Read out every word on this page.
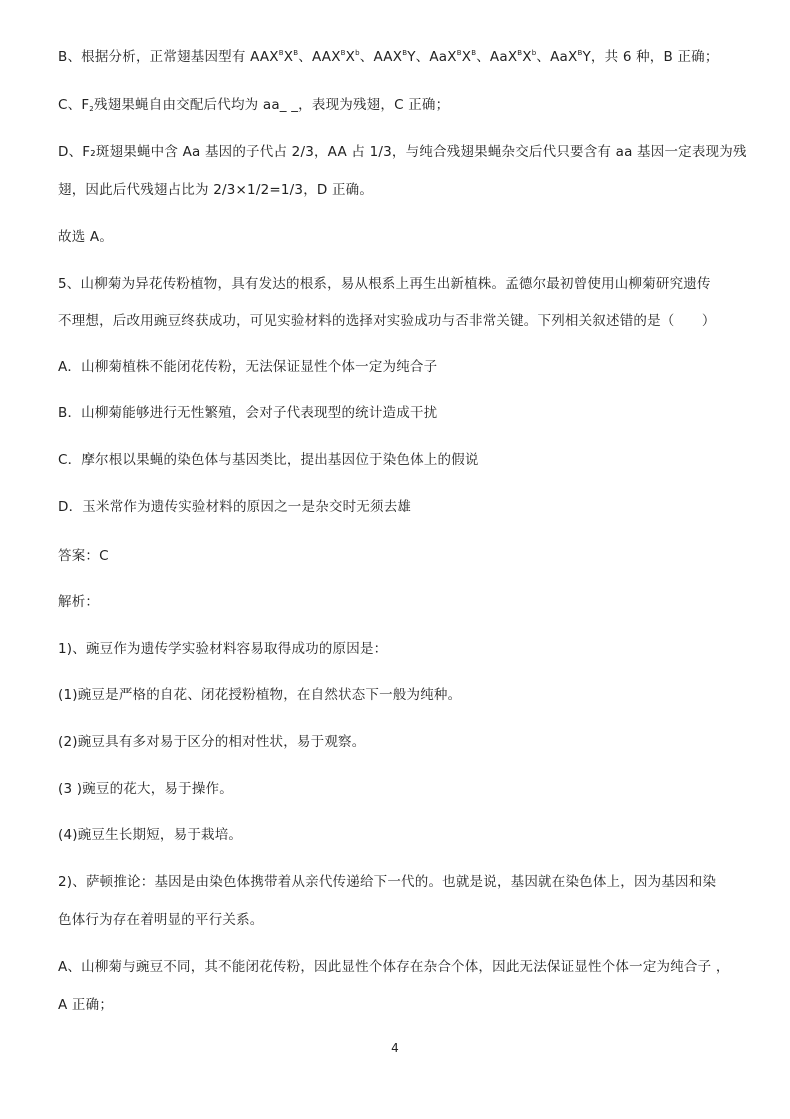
B、根据分析，正常翅基因型有 $AAX^BX^B$、$AAX^BX^b$、$AAX^BY$、$AaX^BX^B$、$AaX^BX^b$、AaX$^B$Y，共 6 种，B 正确；
C、$F_2$残翅果蝇自由交配后代均为 aa_ _，表现为残翅，C 正确；
D、F₂斑翅果蝇中含 Aa 基因的子代占 2/3，AA 占 1/3，与纯合残翅果蝇杂交后代只要含有 aa 基因一定表现为残
翅，因此后代残翅占比为 2/3×1/2=1/3，D 正确。
故选 A。
5、山柳菊为异花传粉植物，具有发达的根系，易从根系上再生出新植株。孟德尔最初曾使用山柳菊研究遗传
不理想，后改用豌豆终获成功，可见实验材料的选择对实验成功与否非常关键。下列相关叙述错的是（　　）
A．山柳菊植株不能闭花传粉，无法保证显性个体一定为纯合子
B．山柳菊能够进行无性繁殖，会对子代表现型的统计造成干扰
C．摩尔根以果蝇的染色体与基因类比，提出基因位于染色体上的假说
D．玉米常作为遗传实验材料的原因之一是杂交时无须去雄
答案：C
解析：
1)、豌豆作为遗传学实验材料容易取得成功的原因是：
(1)豌豆是严格的自花、闭花授粉植物，在自然状态下一般为纯种。
(2)豌豆具有多对易于区分的相对性状，易于观察。
(3 )豌豆的花大，易于操作。
(4)豌豆生长期短，易于栽培。
2)、萨顿推论：基因是由染色体携带着从亲代传递给下一代的。也就是说，基因就在染色体上，因为基因和染
色体行为存在着明显的平行关系。
A、山柳菊与豌豆不同，其不能闭花传粉，因此显性个体存在杂合个体，因此无法保证显性个体一定为纯合子 ，
A 正确；
4
